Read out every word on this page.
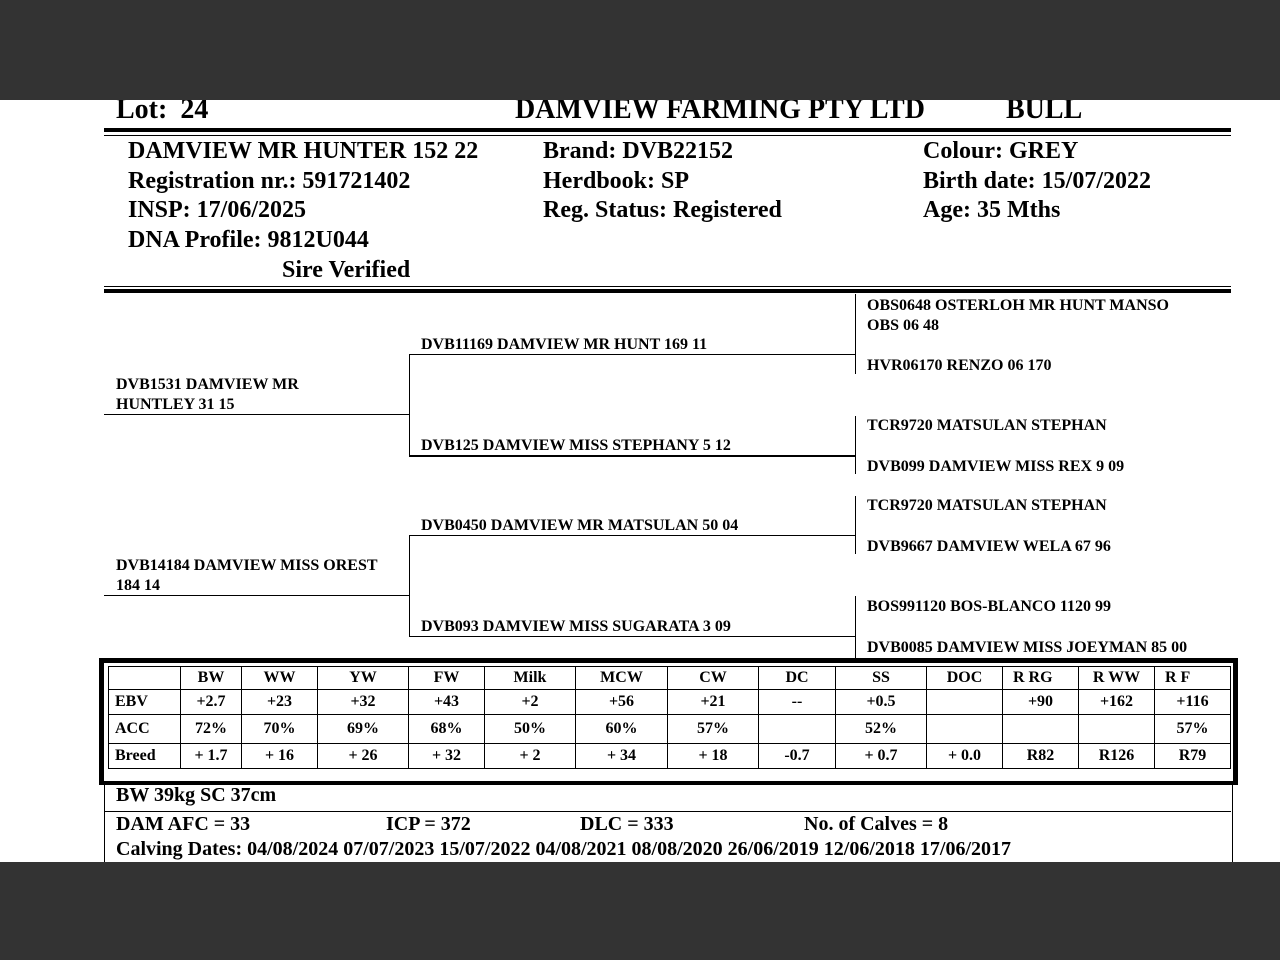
Lot: 24	DAMVIEW FARMING PTY LTD	BULL
DAMVIEW MR HUNTER 152 22
Registration nr.: 591721402
INSP: 17/06/2025
DNA Profile: 9812U044
Sire Verified
Brand: DVB22152
Herdbook: SP
Reg. Status: Registered
Colour: GREY
Birth date: 15/07/2022
Age: 35 Mths
DVB1531 DAMVIEW MR
HUNTLEY 31 15
DVB14184 DAMVIEW MISS OREST
184 14
DVB11169 DAMVIEW MR HUNT 169 11
DVB125 DAMVIEW MISS STEPHANY 5 12
DVB0450 DAMVIEW MR MATSULAN 50 04
DVB093 DAMVIEW MISS SUGARATA 3 09
OBS0648 OSTERLOH MR HUNT MANSO
OBS 06 48
HVR06170 RENZO 06 170
TCR9720 MATSULAN STEPHAN
DVB099 DAMVIEW MISS REX 9 09
TCR9720 MATSULAN STEPHAN
DVB9667 DAMVIEW WELA 67 96
BOS991120 BOS-BLANCO 1120 99
DVB0085 DAMVIEW MISS JOEYMAN 85 00
	BW	WW	YW	FW	Milk	MCW	CW	DC	SS	DOC	R RG	R WW	R F
EBV	+2.7	+23	+32	+43	+2	+56	+21	--	+0.5		+90	+162	+116
ACC	72%	70%	69%	68%	50%	60%	57%		52%				57%
Breed	+ 1.7	+ 16	+ 26	+ 32	+ 2	+ 34	+ 18	-0.7	+ 0.7	+ 0.0	R82	R126	R79
BW 39kg SC 37cm
DAM AFC = 33	ICP = 372	DLC = 333	No. of Calves = 8
Calving Dates: 04/08/2024 07/07/2023 15/07/2022 04/08/2021 08/08/2020 26/06/2019 12/06/2018 17/06/2017
